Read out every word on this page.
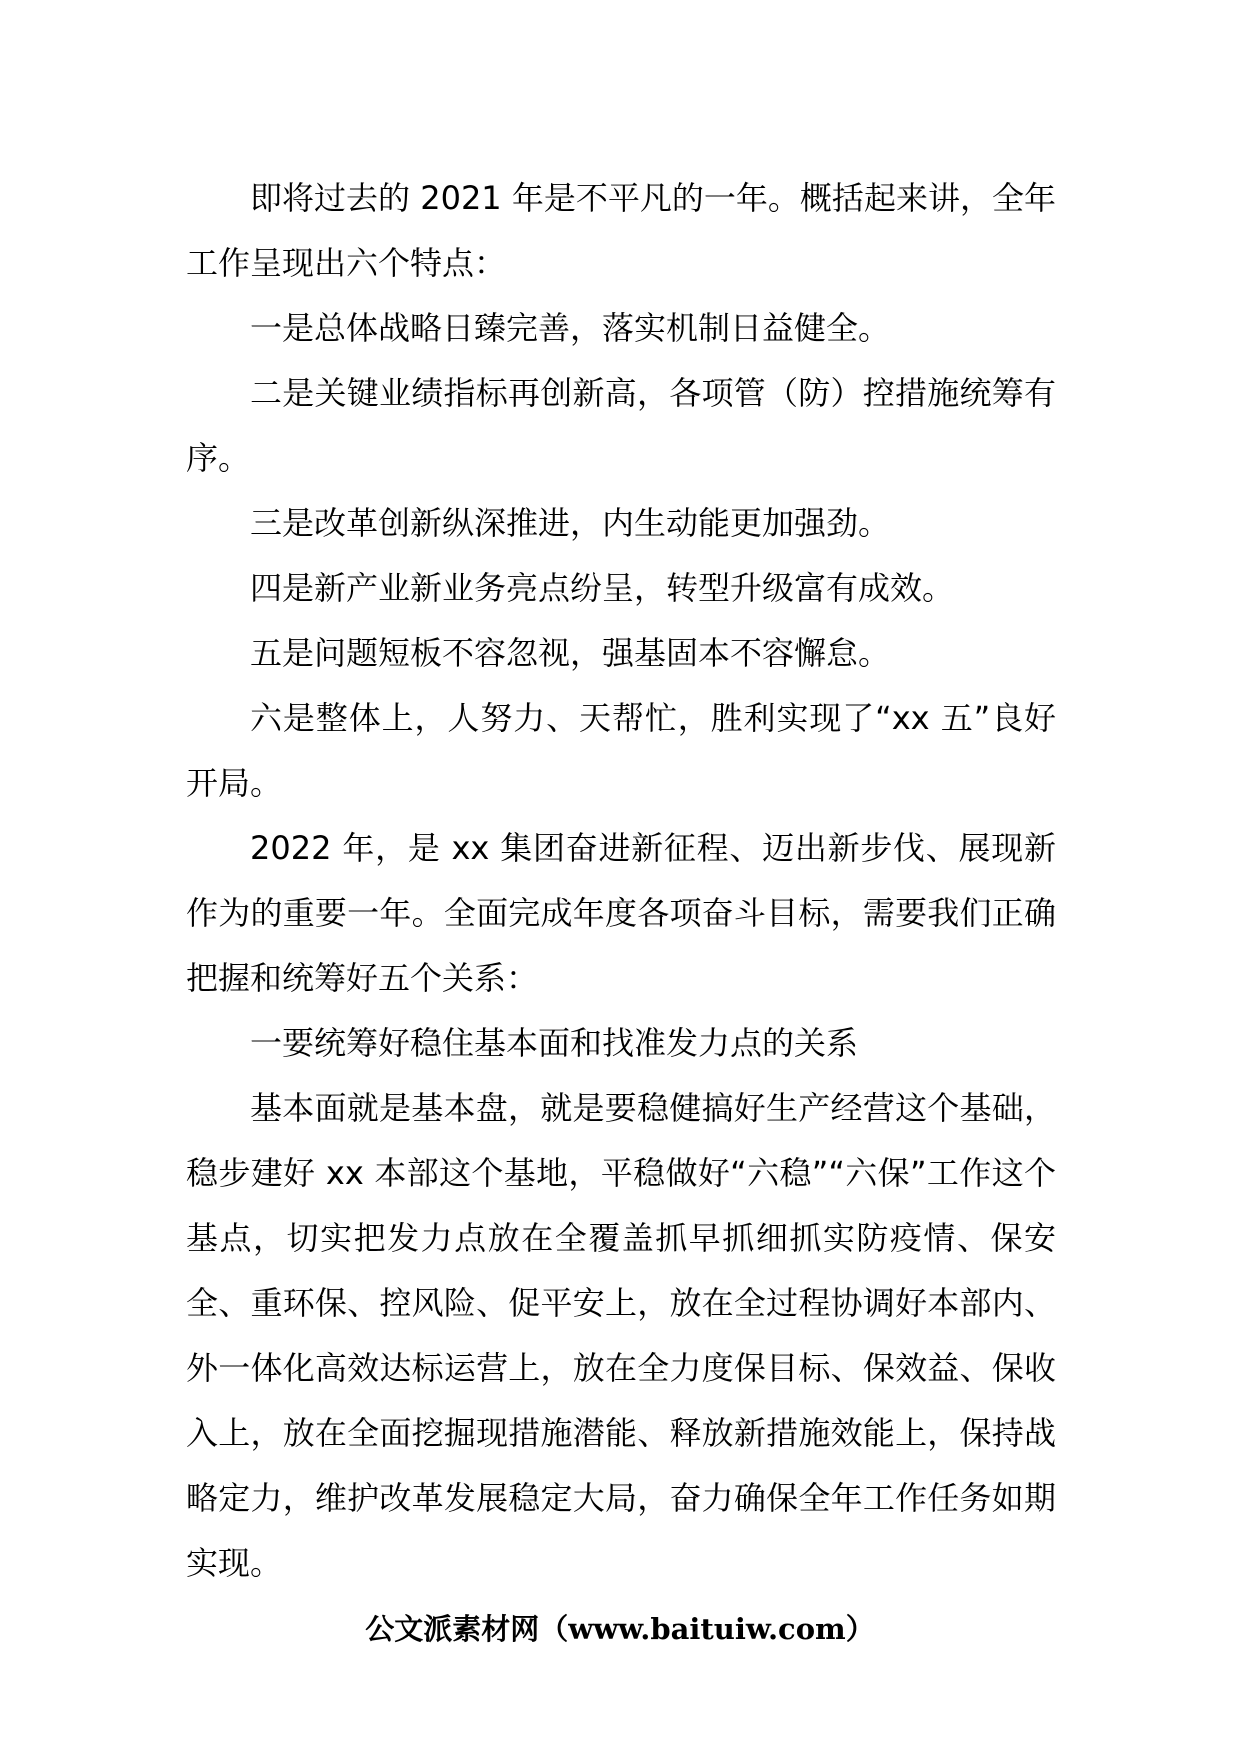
即将过去的 2021 年是不平凡的一年。概括起来讲，全年工作呈现出六个特点：

一是总体战略日臻完善，落实机制日益健全。

二是关键业绩指标再创新高，各项管（防）控措施统筹有序。

三是改革创新纵深推进，内生动能更加强劲。

四是新产业新业务亮点纷呈，转型升级富有成效。

五是问题短板不容忽视，强基固本不容懈怠。

六是整体上，人努力、天帮忙，胜利实现了“xx 五”良好开局。

2022 年，是 xx 集团奋进新征程、迈出新步伐、展现新作为的重要一年。全面完成年度各项奋斗目标，需要我们正确把握和统筹好五个关系：

一要统筹好稳住基本面和找准发力点的关系

基本面就是基本盘，就是要稳健搞好生产经营这个基础，稳步建好 xx 本部这个基地，平稳做好“六稳”“六保”工作这个基点，切实把发力点放在全覆盖抓早抓细抓实防疫情、保安全、重环保、控风险、促平安上，放在全过程协调好本部内、外一体化高效达标运营上，放在全力度保目标、保效益、保收入上，放在全面挖掘现措施潜能、释放新措施效能上，保持战略定力，维护改革发展稳定大局，奋力确保全年工作任务如期实现。

公文派素材网（www.baituiw.com）
